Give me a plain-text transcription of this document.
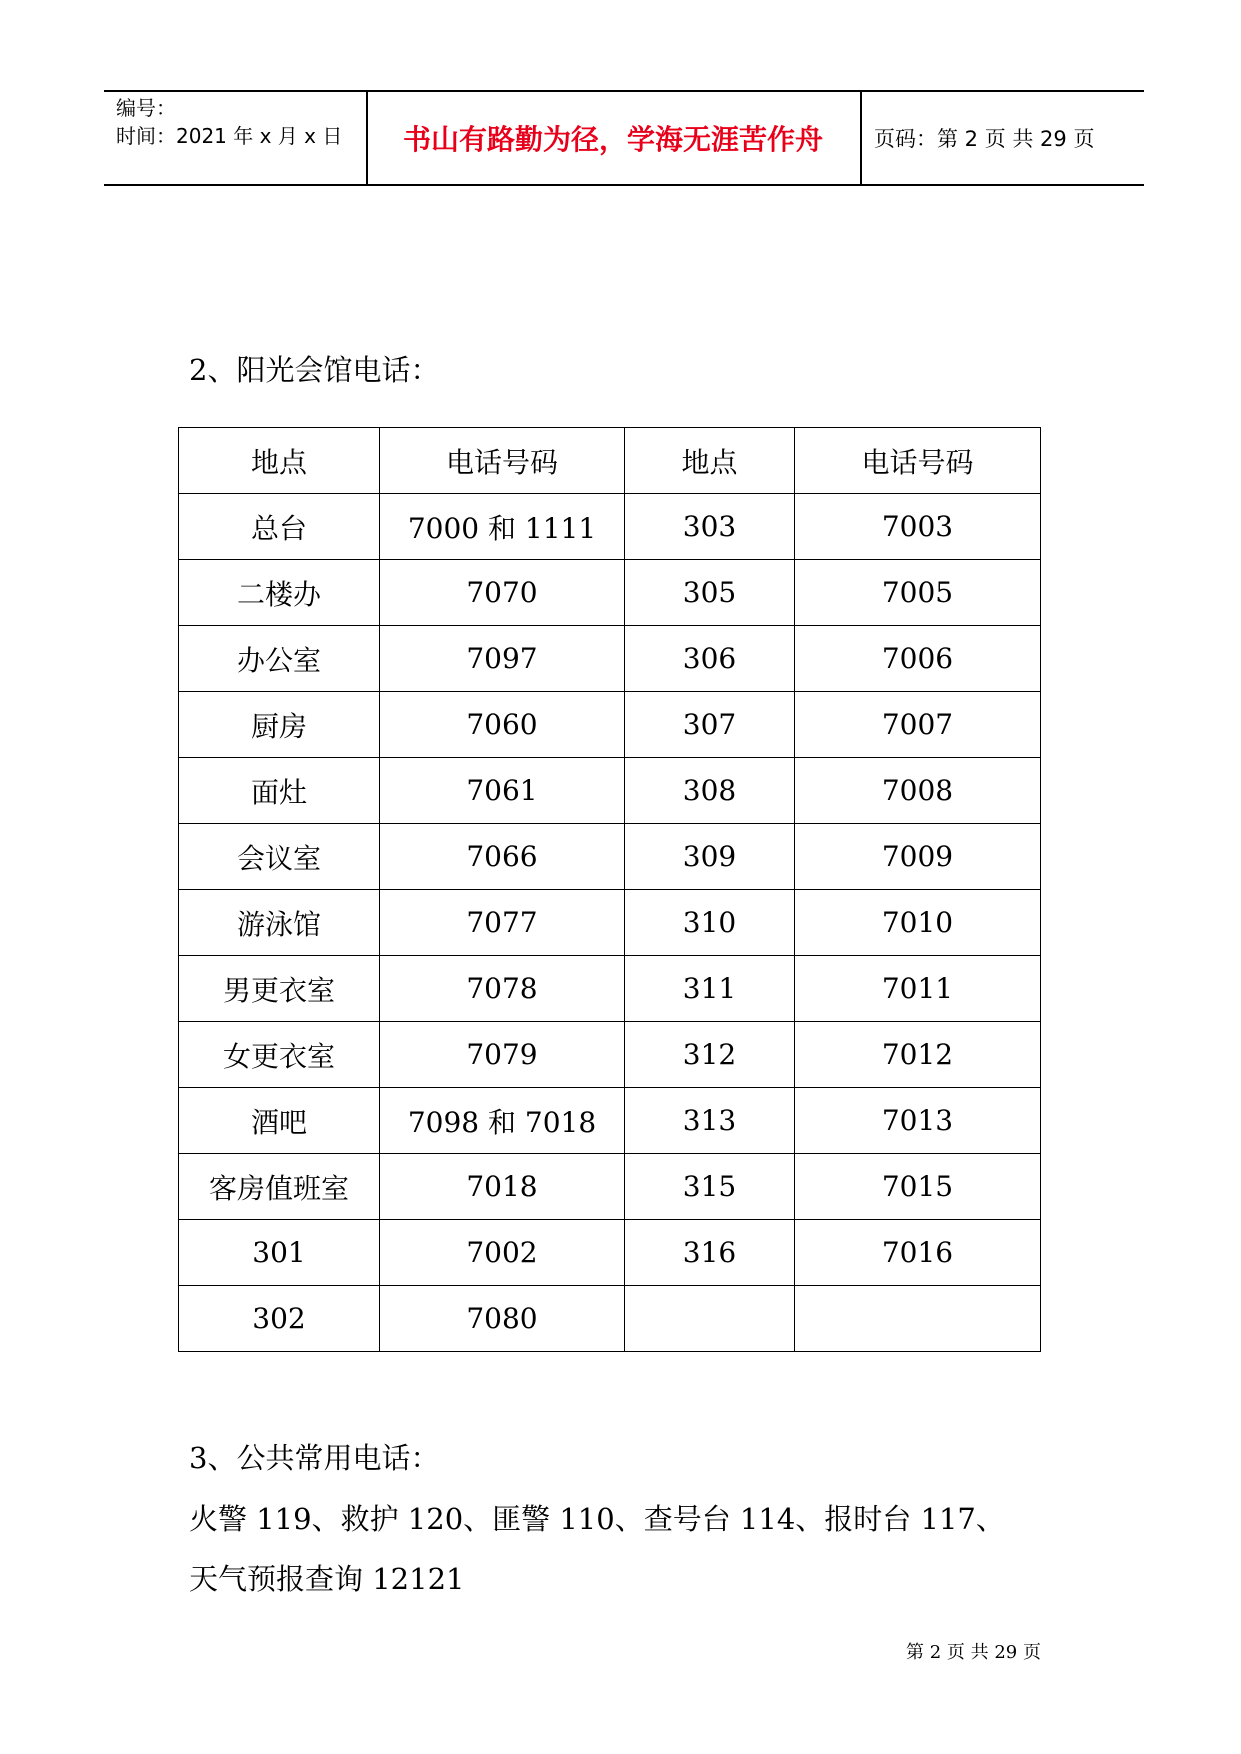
编号：
时间：2021 年 x 月 x 日	书山有路勤为径，学海无涯苦作舟	页码：第 2 页 共 29 页
2、阳光会馆电话：
地点	电话号码	地点	电话号码
总台	7000 和 1111	303	7003
二楼办	7070	305	7005
办公室	7097	306	7006
厨房	7060	307	7007
面灶	7061	308	7008
会议室	7066	309	7009
游泳馆	7077	310	7010
男更衣室	7078	311	7011
女更衣室	7079	312	7012
酒吧	7098 和 7018	313	7013
客房值班室	7018	315	7015
301	7002	316	7016
302	7080		
3、公共常用电话：
火警 119、救护 120、匪警 110、查号台 114、报时台 117、
天气预报查询 12121
第 2 页 共 29 页
